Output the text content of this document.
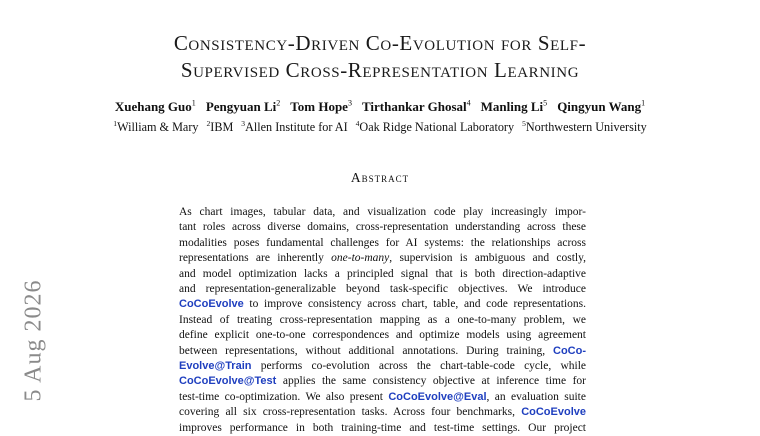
Consistency-Driven Co-Evolution for Self-
Supervised Cross-Representation Learning
Xuehang Guo$^1$ Pengyuan Li$^2$ Tom Hope$^3$ Tirthankar Ghosal$^4$ Manling Li$^5$ Qingyun Wang$^1$
$^1$William & Mary $^2$IBM $^3$Allen Institute for AI $^4$Oak Ridge National Laboratory $^5$Northwestern University
Abstract
As chart images, tabular data, and visualization code play increasingly impor-
tant roles across diverse domains, cross-representation understanding across these
modalities poses fundamental challenges for AI systems: the relationships across
representations are inherently one-to-many, supervision is ambiguous and costly,
and model optimization lacks a principled signal that is both direction-adaptive
and representation-generalizable beyond task-specific objectives. We introduce
CoCoEvolve to improve consistency across chart, table, and code representations.
Instead of treating cross-representation mapping as a one-to-many problem, we
define explicit one-to-one correspondences and optimize models using agreement
between representations, without additional annotations. During training, CoCo-
Evolve@Train performs co-evolution across the chart-table-code cycle, while
CoCoEvolve@Test applies the same consistency objective at inference time for
test-time co-optimization. We also present CoCoEvolve@Eval, an evaluation suite
covering all six cross-representation tasks. Across four benchmarks, CoCoEvolve
improves performance in both training-time and test-time settings. Our project
5 Aug 2026
